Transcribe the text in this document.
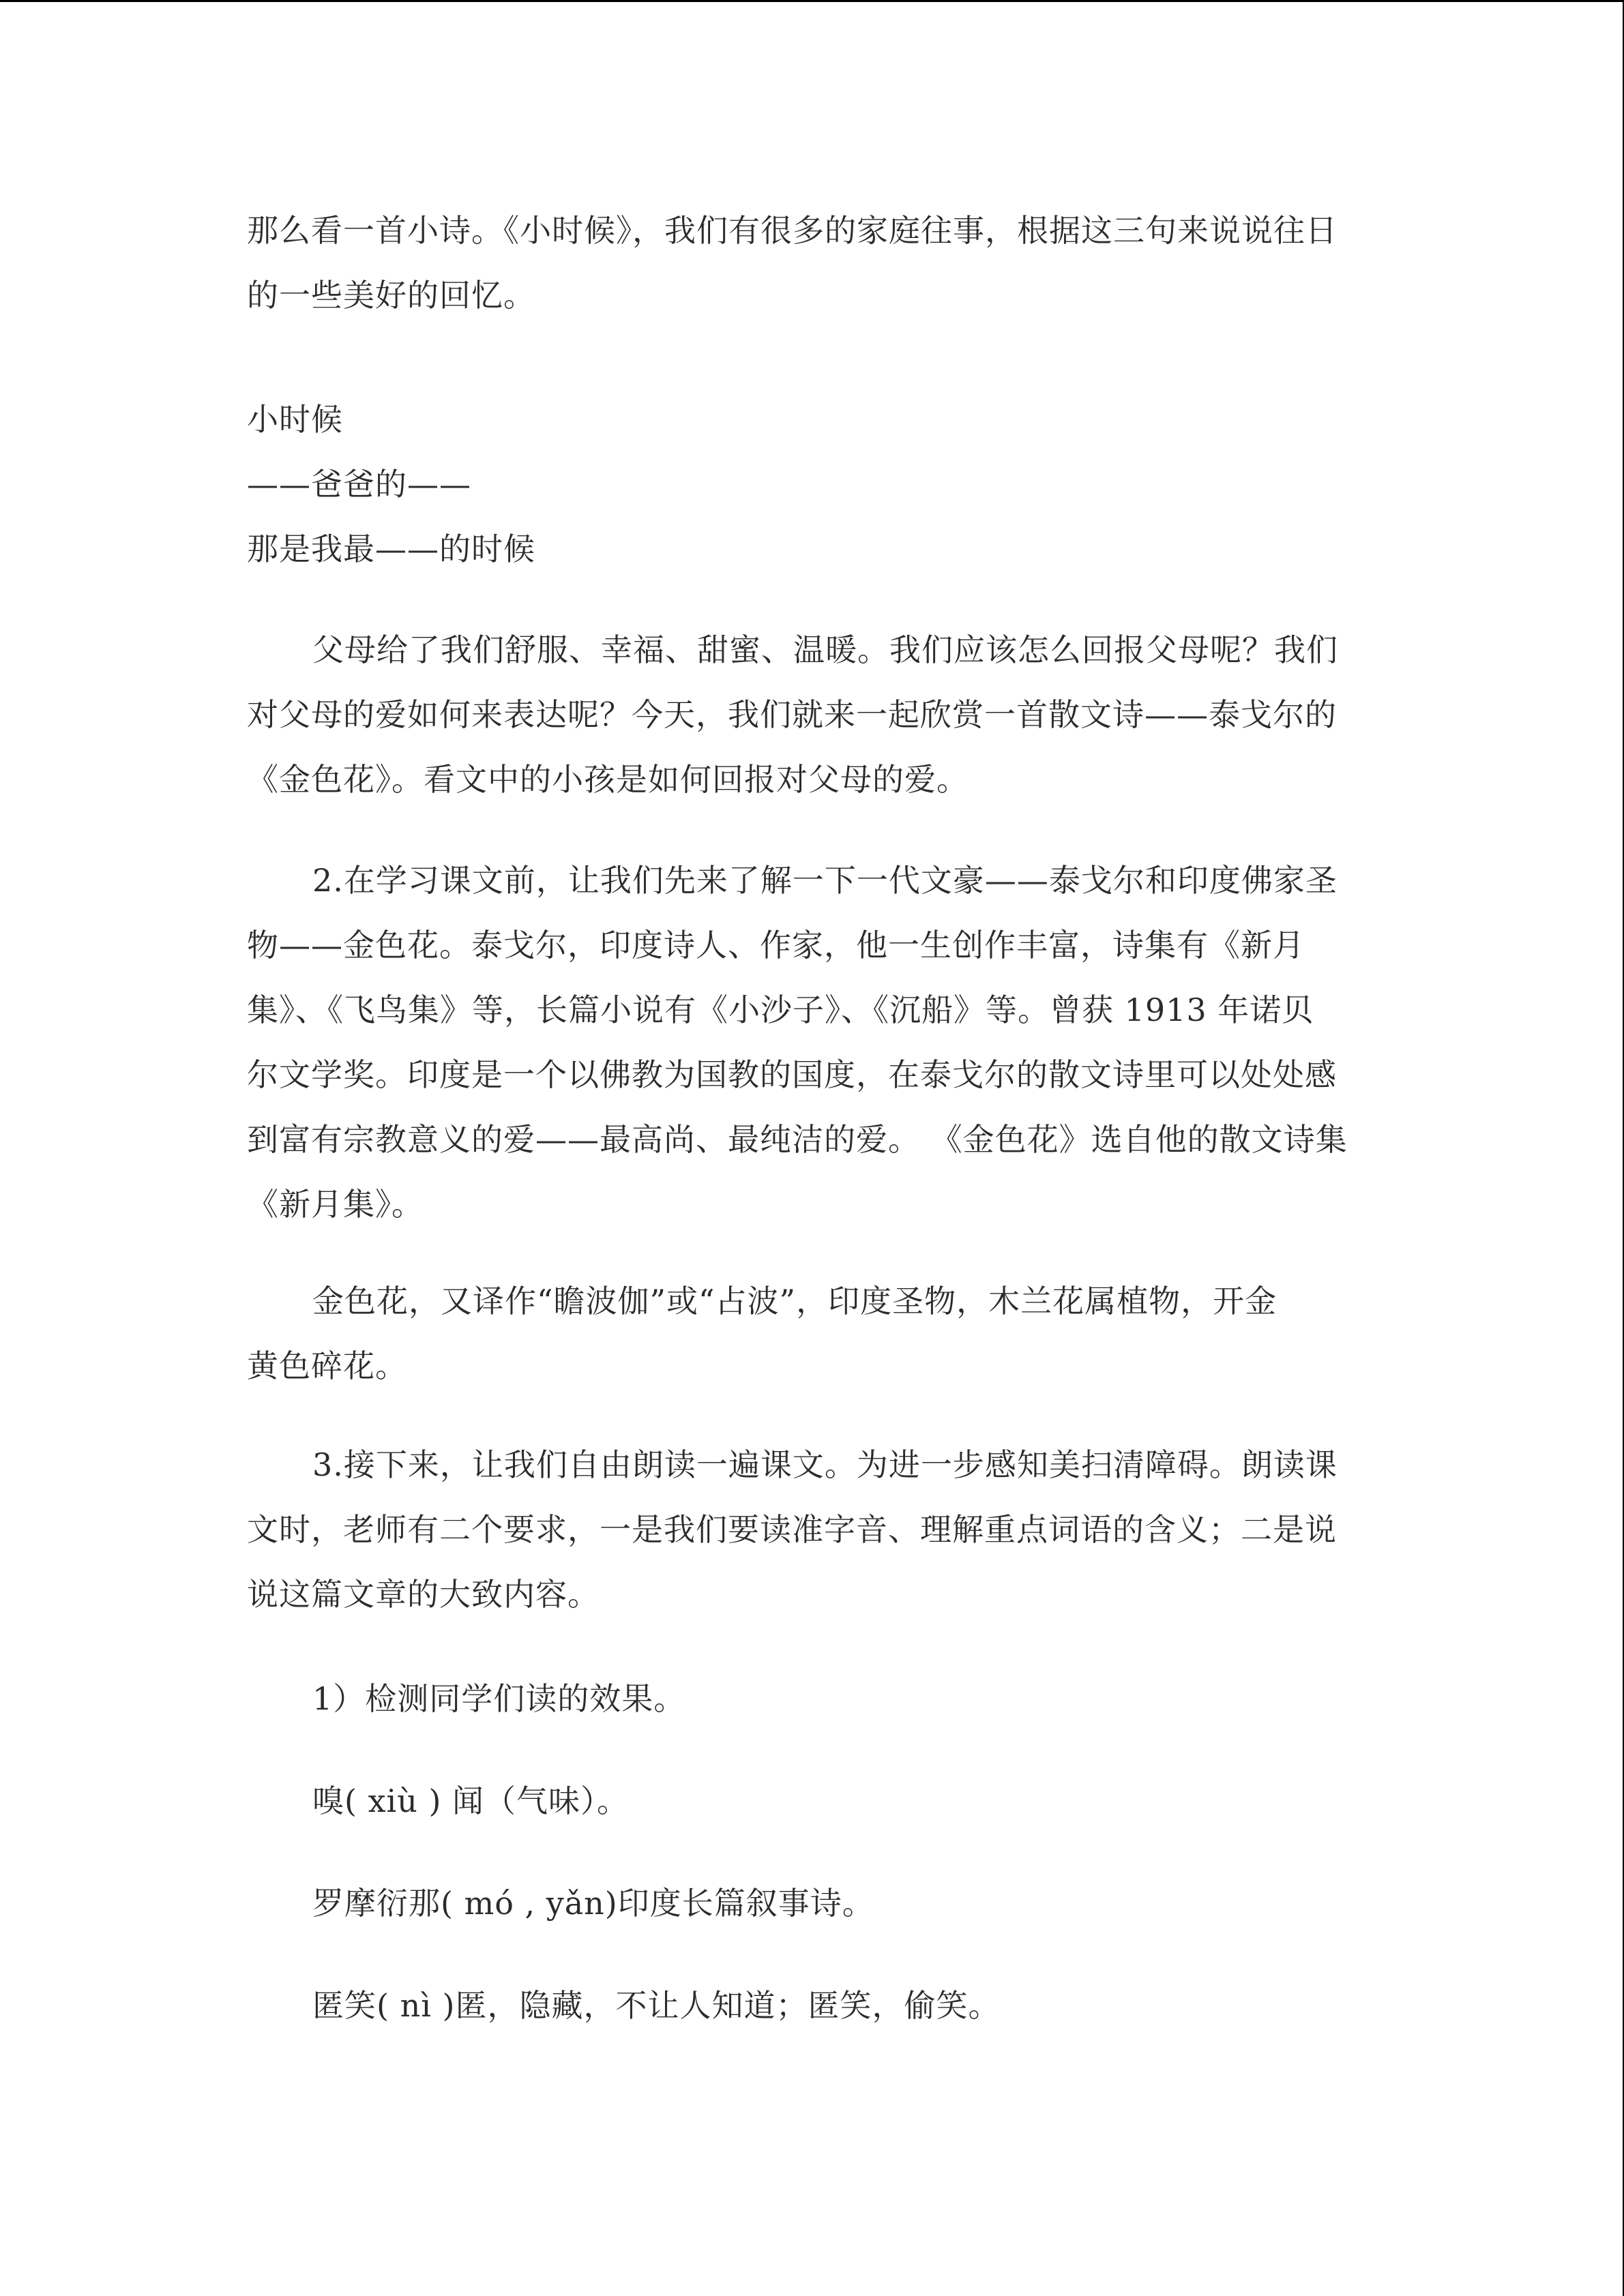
那么看一首小诗。《小时候》，我们有很多的家庭往事，根据这三句来说说往日
的一些美好的回忆。
小时候
——爸爸的——
那是我最——的时候
父母给了我们舒服、幸福、甜蜜、温暖。我们应该怎么回报父母呢？我们
对父母的爱如何来表达呢？今天，我们就来一起欣赏一首散文诗——泰戈尔的
《金色花》。看文中的小孩是如何回报对父母的爱。
2.在学习课文前，让我们先来了解一下一代文豪——泰戈尔和印度佛家圣
物——金色花。泰戈尔，印度诗人、作家，他一生创作丰富，诗集有《新月
集》、《飞鸟集》等，长篇小说有《小沙子》、《沉船》等。曾获 1913 年诺贝
尔文学奖。印度是一个以佛教为国教的国度，在泰戈尔的散文诗里可以处处感
到富有宗教意义的爱——最高尚、最纯洁的爱。 《金色花》选自他的散文诗集
《新月集》。
金色花，又译作“瞻波伽”或“占波”，印度圣物，木兰花属植物，开金
黄色碎花。
3.接下来，让我们自由朗读一遍课文。为进一步感知美扫清障碍。朗读课
文时，老师有二个要求，一是我们要读准字音、理解重点词语的含义；二是说
说这篇文章的大致内容。
1）检测同学们读的效果。
嗅( xiù ) 闻（气味）。
罗摩衍那( mó , yǎn)印度长篇叙事诗。
匿笑( nì )匿，隐藏，不让人知道；匿笑，偷笑。
